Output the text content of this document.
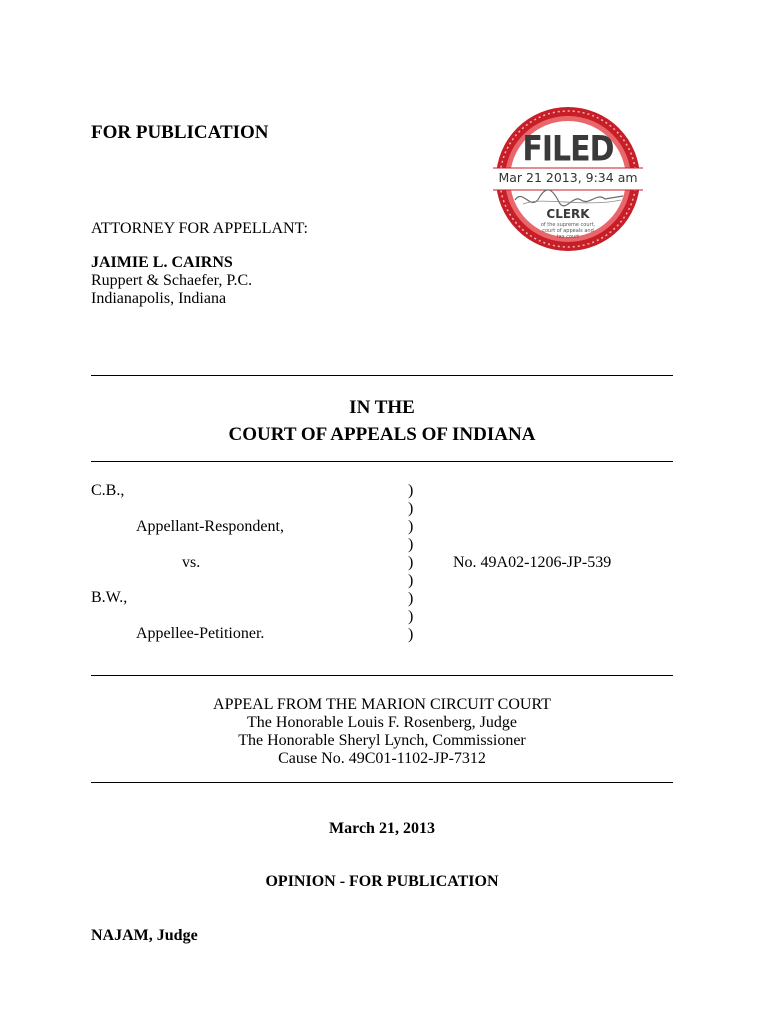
FOR PUBLICATION
ATTORNEY FOR APPELLANT:
JAIMIE L. CAIRNS
Ruppert & Schaefer, P.C.
Indianapolis, Indiana
FILED
Mar 21 2013, 9:34 am
CLERK
of the supreme court,
court of appeals and
tax court
IN THE
COURT OF APPEALS OF INDIANA
C.B.,
Appellant-Respondent,
vs.
B.W.,
Appellee-Petitioner.
)
)
)
)
)
)
)
)
)
No. 49A02-1206-JP-539
APPEAL FROM THE MARION CIRCUIT COURT
The Honorable Louis F. Rosenberg, Judge
The Honorable Sheryl Lynch, Commissioner
Cause No. 49C01-1102-JP-7312
March 21, 2013
OPINION - FOR PUBLICATION
NAJAM, Judge
